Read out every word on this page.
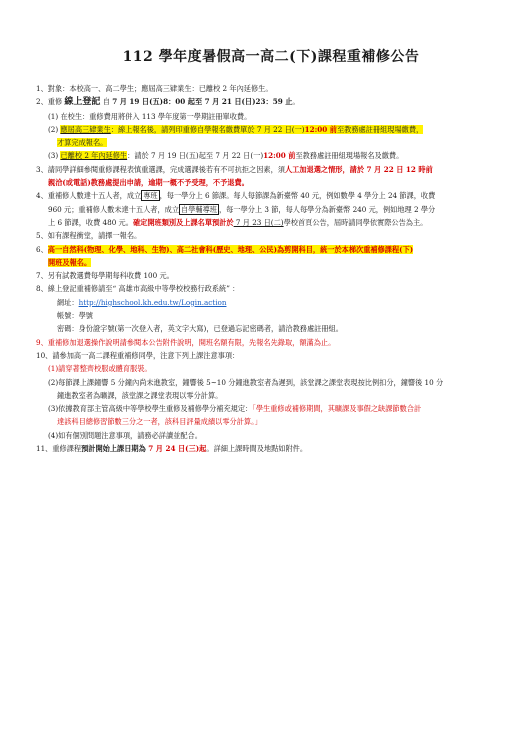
112 學年度暑假高一高二(下)課程重補修公告
1、對象：本校高一、高二學生；應屆高三肄業生：已離校 2 年內延修生。
2、重修 線上登記 自 7 月 19 日(五)8：00 起至 7 月 21 日(日)23：59 止。
(1) 在校生：重修費用將併入 113 學年度第一學期註冊單收費。
(2) 應屆高三肄業生：線上報名後，請列印重修自學報名繳費單於 7 月 22 日(一)12:00 前至教務處註冊組現場繳費，
才算完成報名。
(3) 已離校 2 年內延修生：請於 7 月 19 日(五)起至 7 月 22 日(一)12:00 前至教務處註冊組現場報名及繳費。
3、請同學詳細參閱重修課程表慎重選課，完成選課後若有不可抗拒之因素，須人工加退選之情形，請於 7 月 22 日 12 時前
親洽(或電話)教務處提出申請，逾期一概不予受理，不予退費。
4、重補修人數達十五人者，成立 專班 ，每一學分上 6 節課。每人每節課為新臺幣 40 元，例如數學 4 學分上 24 節課，收費
960 元；重補修人數未達十五人者，成立 自學輔導班 ，每一學分上 3 節，每人每學分為新臺幣 240 元，例如地理 2 學分
上 6 節課，收費 480 元。確定開班類別及上課名單預計於 7 月 23 日(二)學校首頁公告，屆時請同學依實際公告為主。
5、如有課程衝堂，請擇一報名。
6、高一自然科(物理、化學、地科、生物)、高二社會科(歷史、地理、公民)為剪開科目，統一於本梯次重補修課程(下)
開班及報名。
7、另有試教選費每學期每科收費 100 元。
8、線上登記重補修請至“ 高雄市高級中等學校校務行政系統” ：
網址：http://highschool.kh.edu.tw/Login.action
帳號：學號
密碼：身份證字號(第一次登入者，英文字大寫)，已登過忘記密碼者，請洽教務處註冊組。
9、重補修加退選操作說明請參閱本公告附件說明，開班名額有限，先報名先錄取，額滿為止。
10、請參加高一高二課程重補修同學，注意下列上課注意事項：
(1)請穿著整齊校服或體育服裝。
(2)每節課上課鐘響 5 分鐘內尚未進教室，鐘響後 5~10 分鐘進教室者為遲到，該堂課之課堂表現按比例扣分，鐘響後 10 分
鐘進教室者為曠課，該堂課之課堂表現以零分計算。
(3)依據教育部主管高級中等學校學生重修及補修學分補充規定：「學生重修或補修期間，其曠課及事假之缺課節數合計
達該科目總修習節數三分之一者，該科目評量成績以零分計算。」
(4)如有個別問題注意事項，請務必詳讀並配合。
11、重修課程預計開始上課日期為 7 月 24 日(三)起。詳細上課時間及地點如附件。
